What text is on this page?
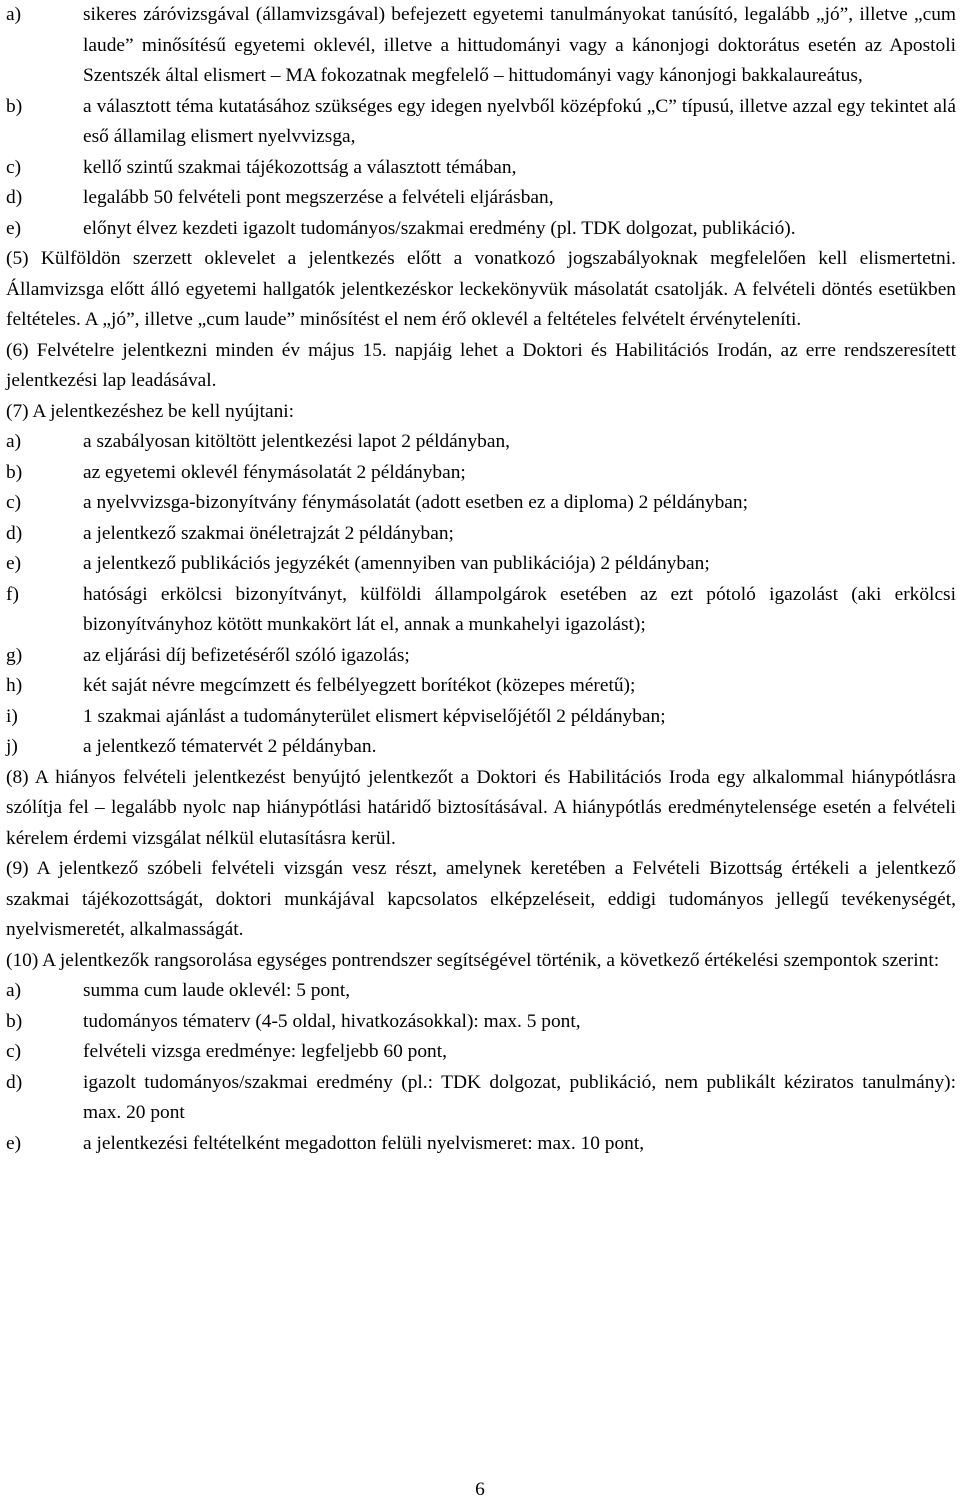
a)	sikeres záróvizsgával (államvizsgával) befejezett egyetemi tanulmányokat tanúsító, legalább „jó”, illetve „cum laude” minősítésű egyetemi oklevél, illetve a hittudományi vagy a kánonjogi doktorátus esetén az Apostoli Szentszék által elismert – MA fokozatnak megfelelő – hittudományi vagy kánonjogi bakkalaureátus,
b)	a választott téma kutatásához szükséges egy idegen nyelvből középfokú „C” típusú, illetve azzal egy tekintet alá eső államilag elismert nyelvvizsga,
c)	kellő szintű szakmai tájékozottság a választott témában,
d)	legalább 50 felvételi pont megszerzése a felvételi eljárásban,
e)	előnyt élvez kezdeti igazolt tudományos/szakmai eredmény (pl. TDK dolgozat, publikáció).

(5) Külföldön szerzett oklevelet a jelentkezés előtt a vonatkozó jogszabályoknak megfelelően kell elismertetni. Államvizsga előtt álló egyetemi hallgatók jelentkezéskor leckekönyvük másolatát csatolják. A felvételi döntés esetükben feltételes. A „jó”, illetve „cum laude” minősítést el nem érő oklevél a feltételes felvételt érvényteleníti.

(6) Felvételre jelentkezni minden év május 15. napjáig lehet a Doktori és Habilitációs Irodán, az erre rendszeresített jelentkezési lap leadásával.

(7) A jelentkezéshez be kell nyújtani:

a)	a szabályosan kitöltött jelentkezési lapot 2 példányban,
b)	az egyetemi oklevél fénymásolatát 2 példányban;
c)	a nyelvvizsga-bizonyítvány fénymásolatát (adott esetben ez a diploma) 2 példányban;
d)	a jelentkező szakmai önéletrajzát 2 példányban;
e)	a jelentkező publikációs jegyzékét (amennyiben van publikációja) 2 példányban;
f)	hatósági erkölcsi bizonyítványt, külföldi állampolgárok esetében az ezt pótoló igazolást (aki erkölcsi bizonyítványhoz kötött munkakört lát el, annak a munkahelyi igazolást);
g)	az eljárási díj befizetéséről szóló igazolás;
h)	két saját névre megcímzett és felbélyegzett borítékot (közepes méretű);
i)	1 szakmai ajánlást a tudományterület elismert képviselőjétől 2 példányban;
j)	a jelentkező tématervét 2 példányban.

(8) A hiányos felvételi jelentkezést benyújtó jelentkezőt a Doktori és Habilitációs Iroda egy alkalommal hiánypótlásra szólítja fel – legalább nyolc nap hiánypótlási határidő biztosításával. A hiánypótlás eredménytelensége esetén a felvételi kérelem érdemi vizsgálat nélkül elutasításra kerül.

(9) A jelentkező szóbeli felvételi vizsgán vesz részt, amelynek keretében a Felvételi Bizottság értékeli a jelentkező szakmai tájékozottságát, doktori munkájával kapcsolatos elképzeléseit, eddigi tudományos jellegű tevékenységét, nyelvismeretét, alkalmasságát.

(10) A jelentkezők rangsorolása egységes pontrendszer segítségével történik, a következő értékelési szempontok szerint:

a)	summa cum laude oklevél: 5 pont,
b)	tudományos tématerv (4-5 oldal, hivatkozásokkal): max. 5 pont,
c)	felvételi vizsga eredménye: legfeljebb 60 pont,
d)	igazolt tudományos/szakmai eredmény (pl.: TDK dolgozat, publikáció, nem publikált kéziratos tanulmány): max. 20 pont
e)	a jelentkezési feltételként megadotton felüli nyelvismeret: max. 10 pont,
6
